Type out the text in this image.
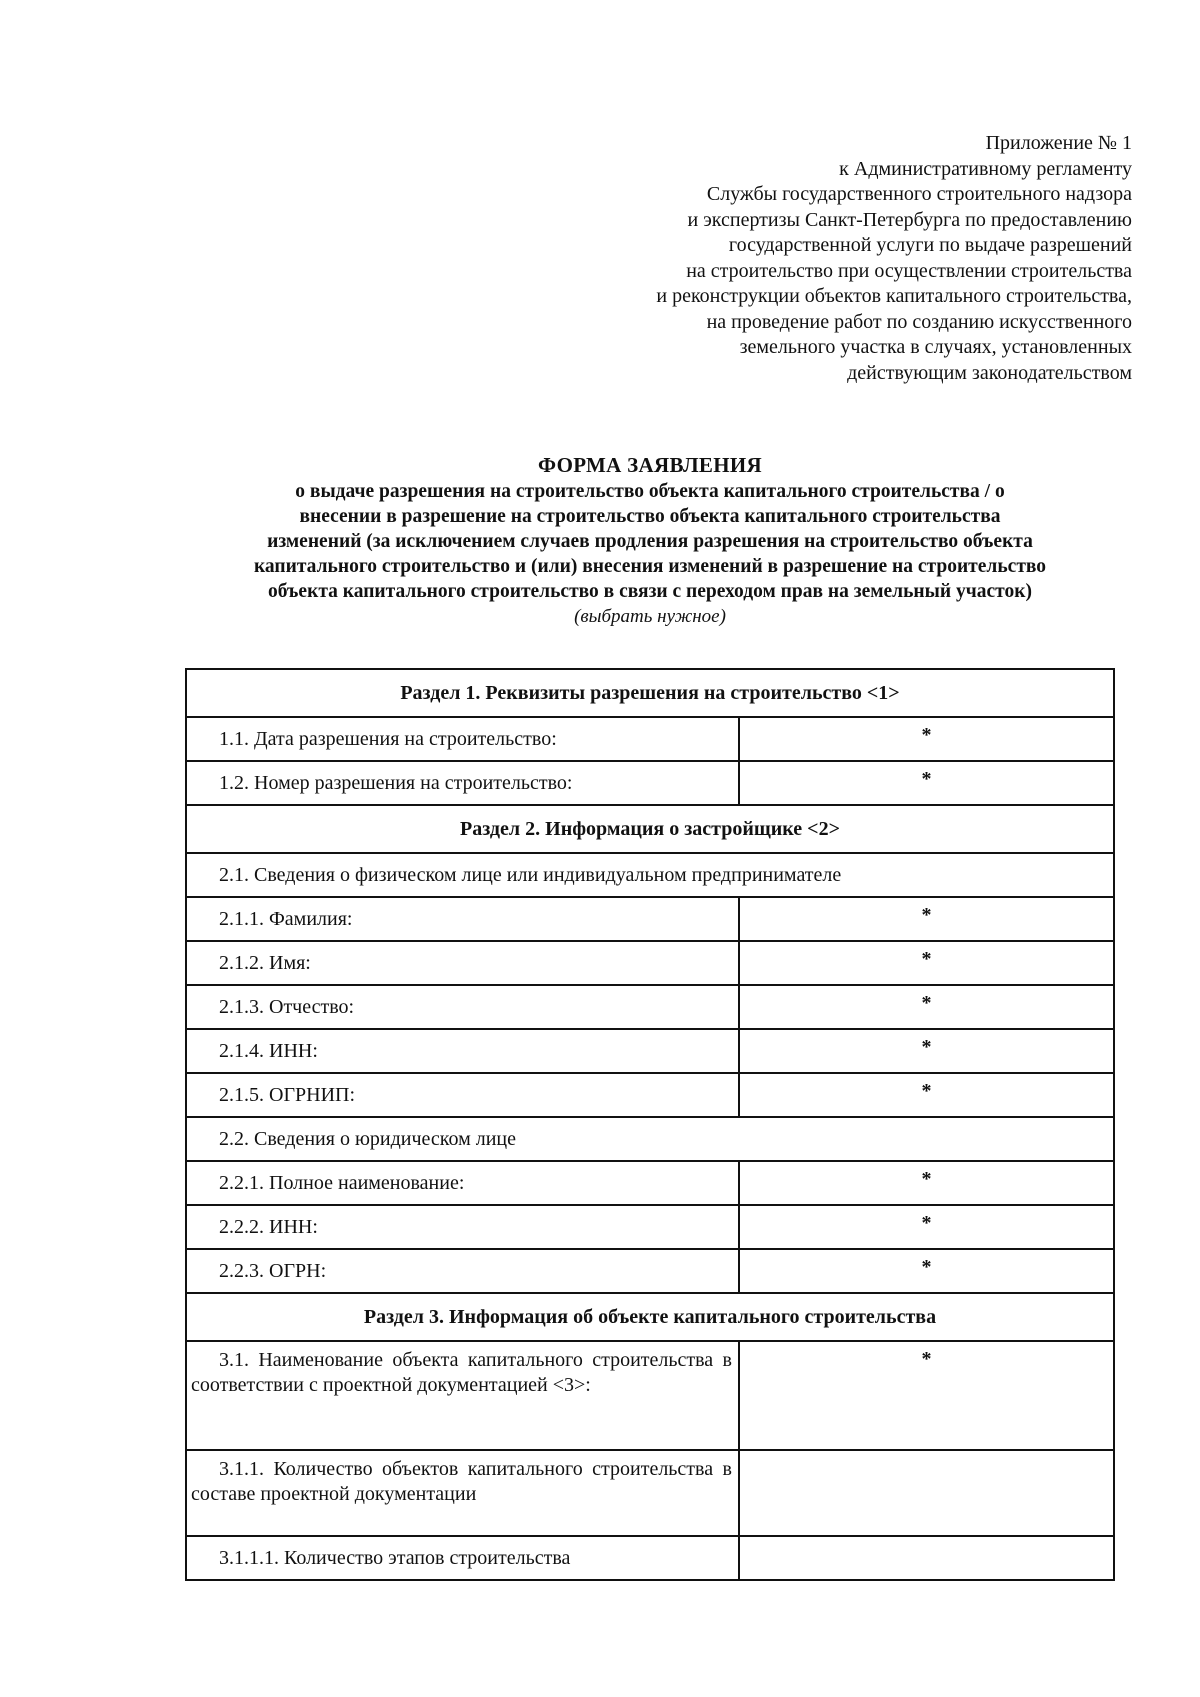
Приложение № 1
к Административному регламенту
Службы государственного строительного надзора
и экспертизы Санкт-Петербурга по предоставлению
государственной услуги по выдаче разрешений
на строительство при осуществлении строительства
и реконструкции объектов капитального строительства,
на проведение работ по созданию искусственного
земельного участка в случаях, установленных
действующим законодательством
ФОРМА ЗАЯВЛЕНИЯ
о выдаче разрешения на строительство объекта капитального строительства / о
внесении в разрешение на строительство объекта капитального строительства
изменений (за исключением случаев продления разрешения на строительство объекта
капитального строительство и (или) внесения изменений в разрешение на строительство
объекта капитального строительство в связи с переходом прав на земельный участок)
(выбрать нужное)
Раздел 1. Реквизиты разрешения на строительство <1>	
1.1. Дата разрешения на строительство:	*
1.2. Номер разрешения на строительство:	*
Раздел 2. Информация о застройщике <2>	
2.1. Сведения о физическом лице или индивидуальном предпринимателе	
2.1.1. Фамилия:	*
2.1.2. Имя:	*
2.1.3. Отчество:	*
2.1.4. ИНН:	*
2.1.5. ОГРНИП:	*
2.2. Сведения о юридическом лице	
2.2.1. Полное наименование:	*
2.2.2. ИНН:	*
2.2.3. ОГРН:	*
Раздел 3. Информация об объекте капитального строительства	

3.1. Наименование объекта капитального строительства в соответствии с проектной документацией <3>:	*

3.1.1. Количество объектов капитального строительства в составе проектной документации	

3.1.1.1. Количество этапов строительства	
